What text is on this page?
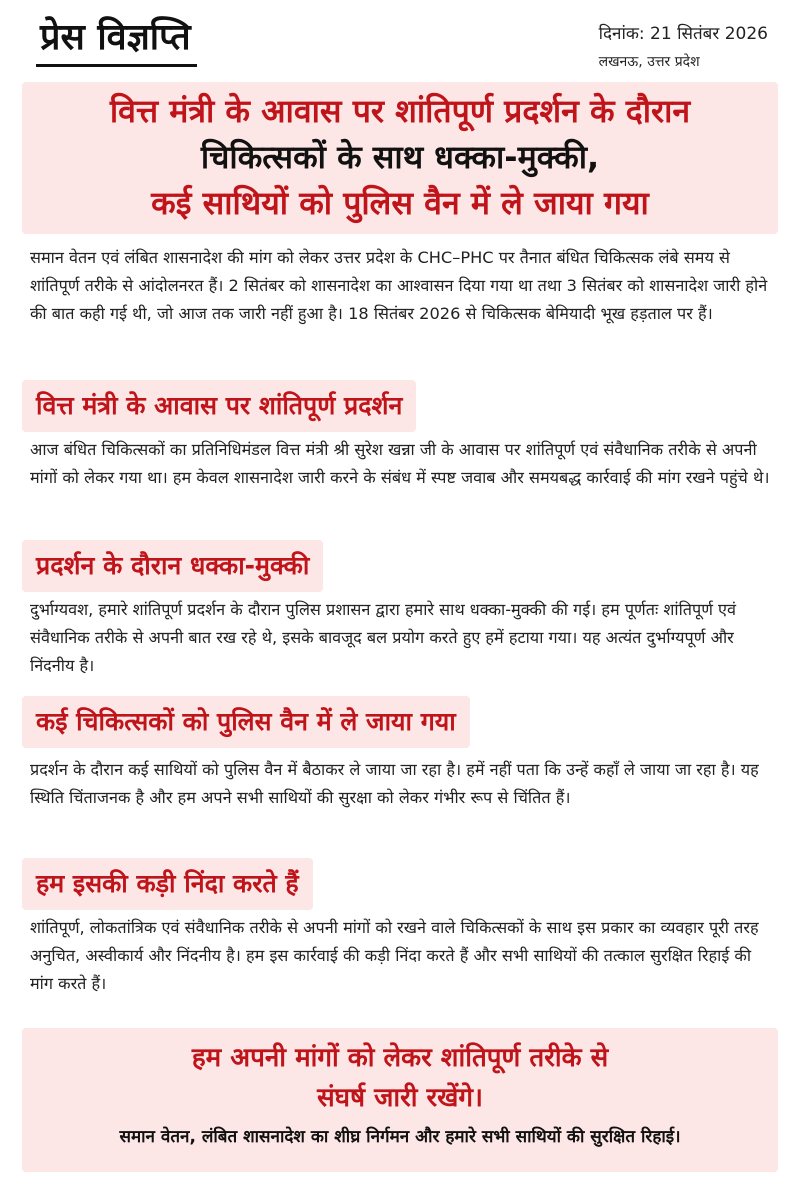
प्रेस विज्ञप्ति	दिनांक: 21 सितंबर 2026
लखनऊ, उत्तर प्रदेश
वित्त मंत्री के आवास पर शांतिपूर्ण प्रदर्शन के दौरान
चिकित्सकों के साथ धक्का-मुक्की,
कई साथियों को पुलिस वैन में ले जाया गया
समान वेतन एवं लंबित शासनादेश की मांग को लेकर उत्तर प्रदेश के CHC–PHC पर तैनात बंधित चिकित्सक लंबे समय से शांतिपूर्ण तरीके से आंदोलनरत हैं। 2 सितंबर को शासनादेश का आश्वासन दिया गया था तथा 3 सितंबर को शासनादेश जारी होने की बात कही गई थी, जो आज तक जारी नहीं हुआ है। 18 सितंबर 2026 से चिकित्सक बेमियादी भूख हड़ताल पर हैं।
वित्त मंत्री के आवास पर शांतिपूर्ण प्रदर्शन
आज बंधित चिकित्सकों का प्रतिनिधिमंडल वित्त मंत्री श्री सुरेश खन्ना जी के आवास पर शांतिपूर्ण एवं संवैधानिक तरीके से अपनी मांगों को लेकर गया था। हम केवल शासनादेश जारी करने के संबंध में स्पष्ट जवाब और समयबद्ध कार्रवाई की मांग रखने पहुंचे थे।
प्रदर्शन के दौरान धक्का-मुक्की
दुर्भाग्यवश, हमारे शांतिपूर्ण प्रदर्शन के दौरान पुलिस प्रशासन द्वारा हमारे साथ धक्का-मुक्की की गई। हम पूर्णतः शांतिपूर्ण एवं संवैधानिक तरीके से अपनी बात रख रहे थे, इसके बावजूद बल प्रयोग करते हुए हमें हटाया गया। यह अत्यंत दुर्भाग्यपूर्ण और निंदनीय है।
कई चिकित्सकों को पुलिस वैन में ले जाया गया
प्रदर्शन के दौरान कई साथियों को पुलिस वैन में बैठाकर ले जाया जा रहा है। हमें नहीं पता कि उन्हें कहाँ ले जाया जा रहा है। यह स्थिति चिंताजनक है और हम अपने सभी साथियों की सुरक्षा को लेकर गंभीर रूप से चिंतित हैं।
हम इसकी कड़ी निंदा करते हैं
शांतिपूर्ण, लोकतांत्रिक एवं संवैधानिक तरीके से अपनी मांगों को रखने वाले चिकित्सकों के साथ इस प्रकार का व्यवहार पूरी तरह अनुचित, अस्वीकार्य और निंदनीय है। हम इस कार्रवाई की कड़ी निंदा करते हैं और सभी साथियों की तत्काल सुरक्षित रिहाई की मांग करते हैं।
हम अपनी मांगों को लेकर शांतिपूर्ण तरीके से
संघर्ष जारी रखेंगे।
समान वेतन, लंबित शासनादेश का शीघ्र निर्गमन और हमारे सभी साथियों की सुरक्षित रिहाई।
